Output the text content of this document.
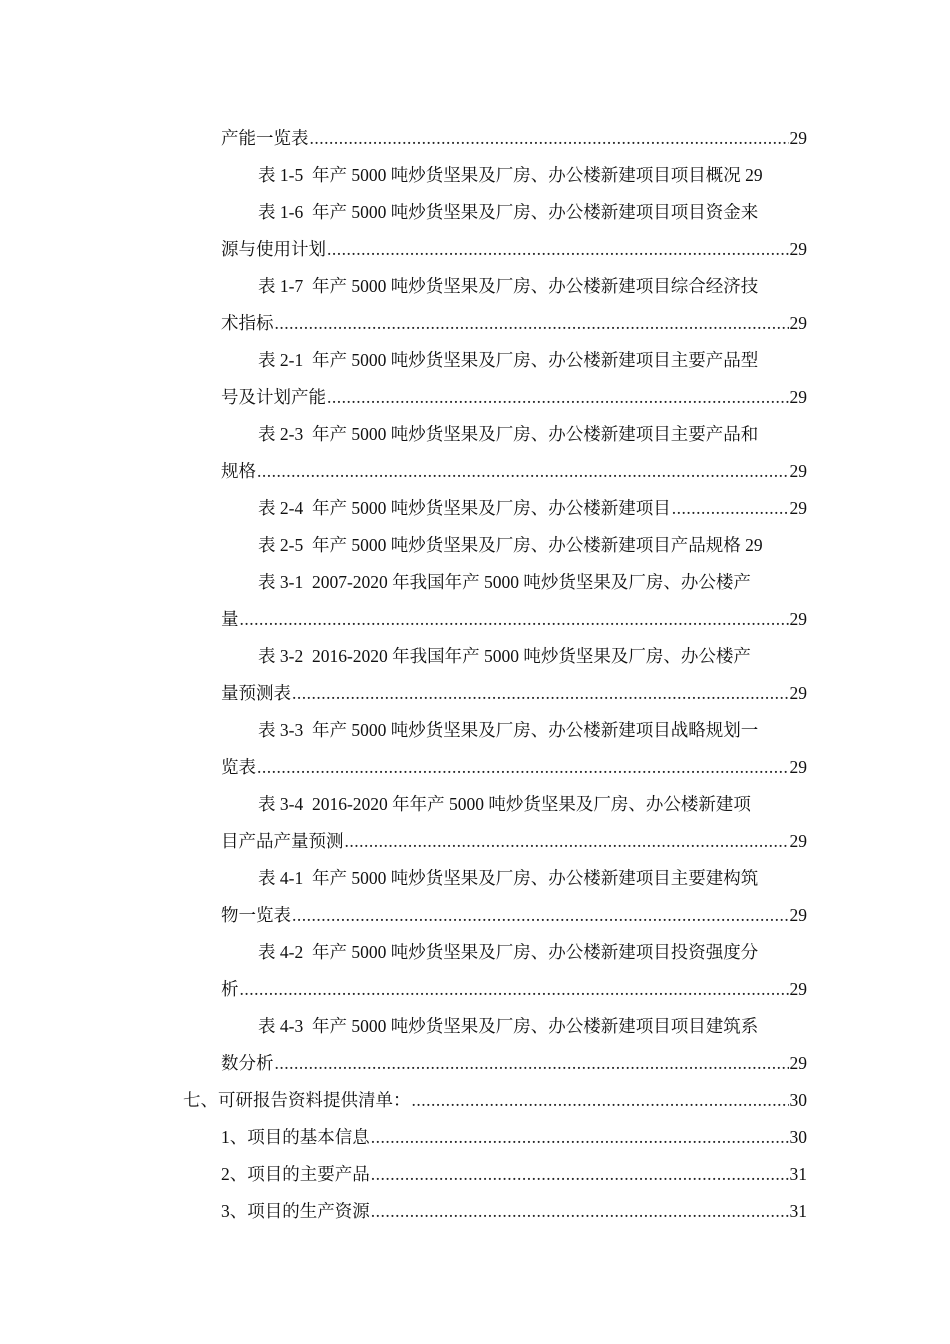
产能一览表 .....	29
表 1-5 年产 5000 吨炒货坚果及厂房、办公楼新建项目项目概况 29
表 1-6 年产 5000 吨炒货坚果及厂房、办公楼新建项目项目资金来
源与使用计划 .....	29
表 1-7 年产 5000 吨炒货坚果及厂房、办公楼新建项目综合经济技
术指标 .....	29
表 2-1 年产 5000 吨炒货坚果及厂房、办公楼新建项目主要产品型
号及计划产能 .....	29
表 2-3 年产 5000 吨炒货坚果及厂房、办公楼新建项目主要产品和
规格 .....	29
表 2-4 年产 5000 吨炒货坚果及厂房、办公楼新建项目 .....	29
表 2-5 年产 5000 吨炒货坚果及厂房、办公楼新建项目产品规格 29
表 3-1 2007-2020 年我国年产 5000 吨炒货坚果及厂房、办公楼产
量 .....	29
表 3-2 2016-2020 年我国年产 5000 吨炒货坚果及厂房、办公楼产
量预测表 .....	29
表 3-3 年产 5000 吨炒货坚果及厂房、办公楼新建项目战略规划一
览表 .....	29
表 3-4 2016-2020 年年产 5000 吨炒货坚果及厂房、办公楼新建项
目产品产量预测 .....	29
表 4-1 年产 5000 吨炒货坚果及厂房、办公楼新建项目主要建构筑
物一览表 .....	29
表 4-2 年产 5000 吨炒货坚果及厂房、办公楼新建项目投资强度分
析 .....	29
表 4-3 年产 5000 吨炒货坚果及厂房、办公楼新建项目项目建筑系
数分析 .....	29
七、可研报告资料提供清单： .....	30
1、项目的基本信息 .....	30
2、项目的主要产品 .....	31
3、项目的生产资源 .....	31
